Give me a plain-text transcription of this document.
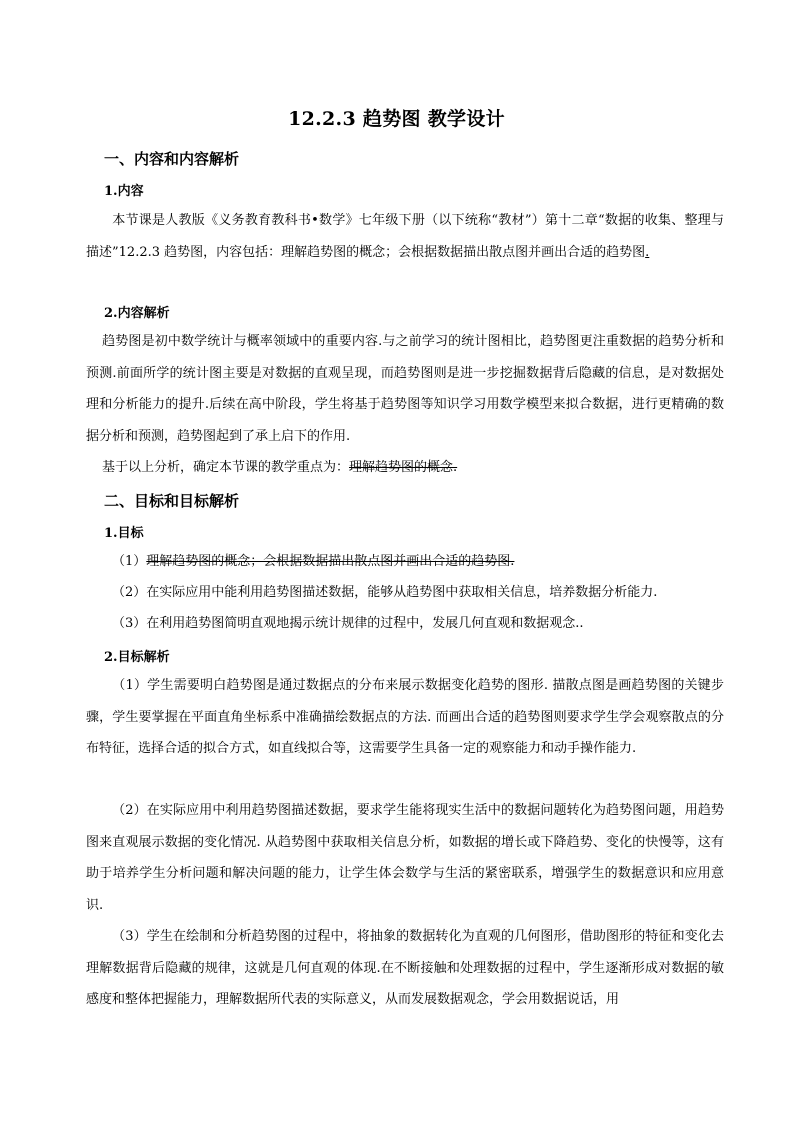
12.2.3 趋势图 教学设计
一、内容和内容解析
1.内容

本节课是人教版《义务教育教科书•数学》七年级下册（以下统称“教材”）第十二章“数据的收集、整理与描述”12.2.3 趋势图，内容包括：理解趋势图的概念；会根据数据描出散点图并画出合适的趋势图.

2.内容解析

趋势图是初中数学统计与概率领域中的重要内容.与之前学习的统计图相比，趋势图更注重数据的趋势分析和预测.前面所学的统计图主要是对数据的直观呈现，而趋势图则是进一步挖掘数据背后隐藏的信息，是对数据处理和分析能力的提升.后续在高中阶段，学生将基于趋势图等知识学习用数学模型来拟合数据，进行更精确的数据分析和预测，趋势图起到了承上启下的作用.

基于以上分析，确定本节课的教学重点为：理解趋势图的概念.

二、目标和目标解析
1.目标

（1）理解趋势图的概念；会根据数据描出散点图并画出合适的趋势图.

（2）在实际应用中能利用趋势图描述数据，能够从趋势图中获取相关信息，培养数据分析能力.

（3）在利用趋势图简明直观地揭示统计规律的过程中，发展几何直观和数据观念..

2.目标解析

（1）学生需要明白趋势图是通过数据点的分布来展示数据变化趋势的图形. 描散点图是画趋势图的关键步骤，学生要掌握在平面直角坐标系中准确描绘数据点的方法. 而画出合适的趋势图则要求学生学会观察散点的分布特征，选择合适的拟合方式，如直线拟合等，这需要学生具备一定的观察能力和动手操作能力.

（2）在实际应用中利用趋势图描述数据，要求学生能将现实生活中的数据问题转化为趋势图问题，用趋势图来直观展示数据的变化情况. 从趋势图中获取相关信息分析，如数据的增长或下降趋势、变化的快慢等，这有助于培养学生分析问题和解决问题的能力，让学生体会数学与生活的紧密联系，增强学生的数据意识和应用意识.

（3）学生在绘制和分析趋势图的过程中，将抽象的数据转化为直观的几何图形，借助图形的特征和变化去理解数据背后隐藏的规律，这就是几何直观的体现.在不断接触和处理数据的过程中，学生逐渐形成对数据的敏感度和整体把握能力，理解数据所代表的实际意义，从而发展数据观念，学会用数据说话，用
